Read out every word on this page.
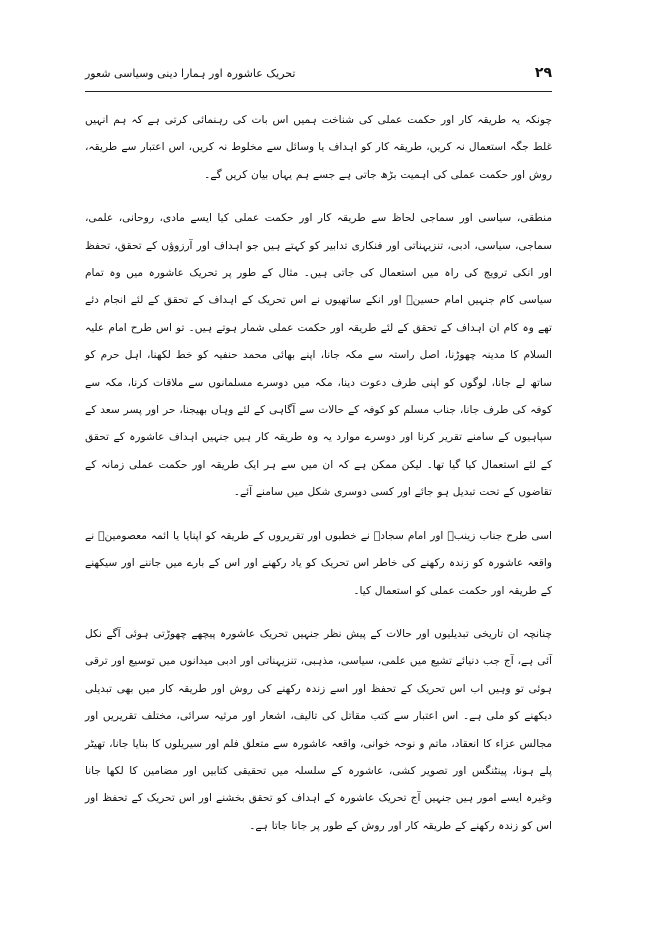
۲۹
تحریک عاشورہ اور ہمارا دینی وسیاسی شعور

چونکہ یہ طریقہ کار اور حکمت عملی کی شناخت ہمیں اس بات کی رہنمائی کرتی ہے کہ ہم انہیں غلط جگہ استعمال نہ کریں، طریقہ کار کو اہداف یا وسائل سے مخلوط نہ کریں، اس اعتبار سے طریقہ، روش اور حکمت عملی کی اہمیت بڑھ جاتی ہے جسے ہم یہاں بیان کریں گے۔

منطقی، سیاسی اور سماجی لحاظ سے طریقہ کار اور حکمت عملی کیا ایسے مادی، روحانی، علمی، سماجی، سیاسی، ادبی، تنزیہناتی اور فنکاری تدابیر کو کہتے ہیں جو اہداف اور آرزوؤں کے تحقق، تحفظ اور انکی ترویج کی راہ میں استعمال کی جاتی ہیں۔ مثال کے طور پر تحریک عاشورہ میں وہ تمام سیاسی کام جنہیں امام حسینؑ اور انکے ساتھیوں نے اس تحریک کے اہداف کے تحقق کے لئے انجام دئے تھے وہ کام ان اہداف کے تحقق کے لئے طریقہ اور حکمت عملی شمار ہوتے ہیں۔ تو اس طرح امام علیہ السلام کا مدینہ چھوڑنا، اصل راستہ سے مکہ جانا، اپنے بھائی محمد حنفیہ کو خط لکھنا، اہل حرم کو ساتھ لے جانا، لوگوں کو اپنی طرف دعوت دینا، مکہ میں دوسرے مسلمانوں سے ملاقات کرنا، مکہ سے کوفہ کی طرف جانا، جناب مسلم کو کوفہ کے حالات سے آگاہی کے لئے وہاں بھیجنا، حر اور پسر سعد کے سپاہیوں کے سامنے تقریر کرنا اور دوسرے موارد یہ وہ طریقہ کار ہیں جنہیں اہداف عاشورہ کے تحقق کے لئے استعمال کیا گیا تھا۔ لیکن ممکن ہے کہ ان میں سے ہر ایک طریقہ اور حکمت عملی زمانہ کے تقاضوں کے تحت تبدیل ہو جائے اور کسی دوسری شکل میں سامنے آئے۔

اسی طرح جناب زینبؑ اور امام سجادؑ نے خطبوں اور تقریروں کے طریقہ کو اپنایا یا ائمہ معصومینؑ نے واقعہ عاشورہ کو زندہ رکھنے کی خاطر اس تحریک کو یاد رکھنے اور اس کے بارے میں جاننے اور سیکھنے کے طریقہ اور حکمت عملی کو استعمال کیا۔

چنانچہ ان تاریخی تبدیلیوں اور حالات کے پیش نظر جنہیں تحریک عاشورہ پیچھے چھوڑتی ہوئی آگے نکل آئی ہے، آج جب دنیائے تشیع میں علمی، سیاسی، مذہبی، تنزیہناتی اور ادبی میدانوں میں توسیع اور ترقی ہوئی تو وہیں اب اس تحریک کے تحفظ اور اسے زندہ رکھنے کی روش اور طریقہ کار میں بھی تبدیلی دیکھنے کو ملی ہے۔ اس اعتبار سے کتب مقاتل کی تالیف، اشعار اور مرثیہ سرائی، مختلف تقریریں اور مجالس عزاء کا انعقاد، ماتم و نوحہ خوانی، واقعہ عاشورہ سے متعلق فلم اور سیریلوں کا بنایا جانا، تھیٹر پلے ہونا، پینٹنگس اور تصویر کشی، عاشورہ کے سلسلہ میں تحقیقی کتابیں اور مضامین کا لکھا جانا وغیرہ ایسے امور ہیں جنہیں آج تحریک عاشورہ کے اہداف کو تحقق بخشنے اور اس تحریک کے تحفظ اور اس کو زندہ رکھنے کے طریقہ کار اور روش کے طور پر جانا جاتا ہے۔
